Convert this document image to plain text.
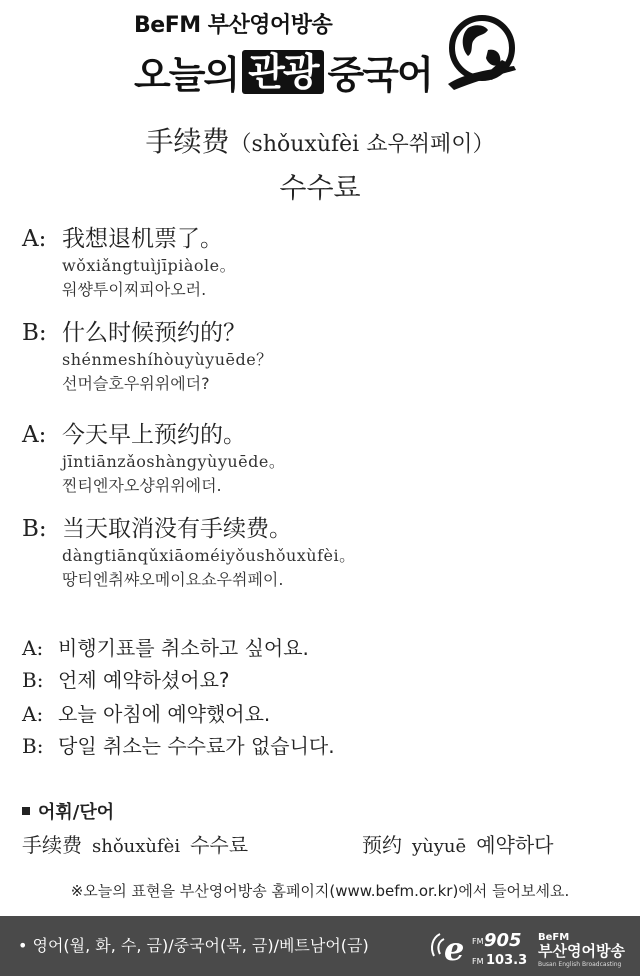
BeFM 부산영어방송
오늘의 관광 중국어
手续费（shǒuxùfèi 쇼우쒸페이）
수수료
A: 我想退机票了。
wǒxiǎngtuìjīpiàole。
워썅투이찌피아오러.
B: 什么时候预约的？
shénmeshíhòuyùyuēde？
선머슬호우위위에더?
A: 今天早上预约的。
jīntiānzǎoshàngyùyuēde。
찐티엔자오샹위위에더.
B: 当天取消没有手续费。
dàngtiānqǔxiāoméiyǒushǒuxùfèi。
땅티엔취쌰오메이요쇼우쒸페이.
A: 비행기표를 취소하고 싶어요.
B: 언제 예약하셨어요?
A: 오늘 아침에 예약했어요.
B: 당일 취소는 수수료가 없습니다.
어휘/단어
手续费 shǒuxùfèi 수수료	预约 yùyuē 예약하다
※오늘의 표현을 부산영어방송 홈페이지(www.befm.or.kr)에서 들어보세요.
• 영어(월, 화, 수, 금)/중국어(목, 금)/베트남어(금) e FM 905
FM 103.3
BeFM
부산영어방송
Busan English Broadcasting
